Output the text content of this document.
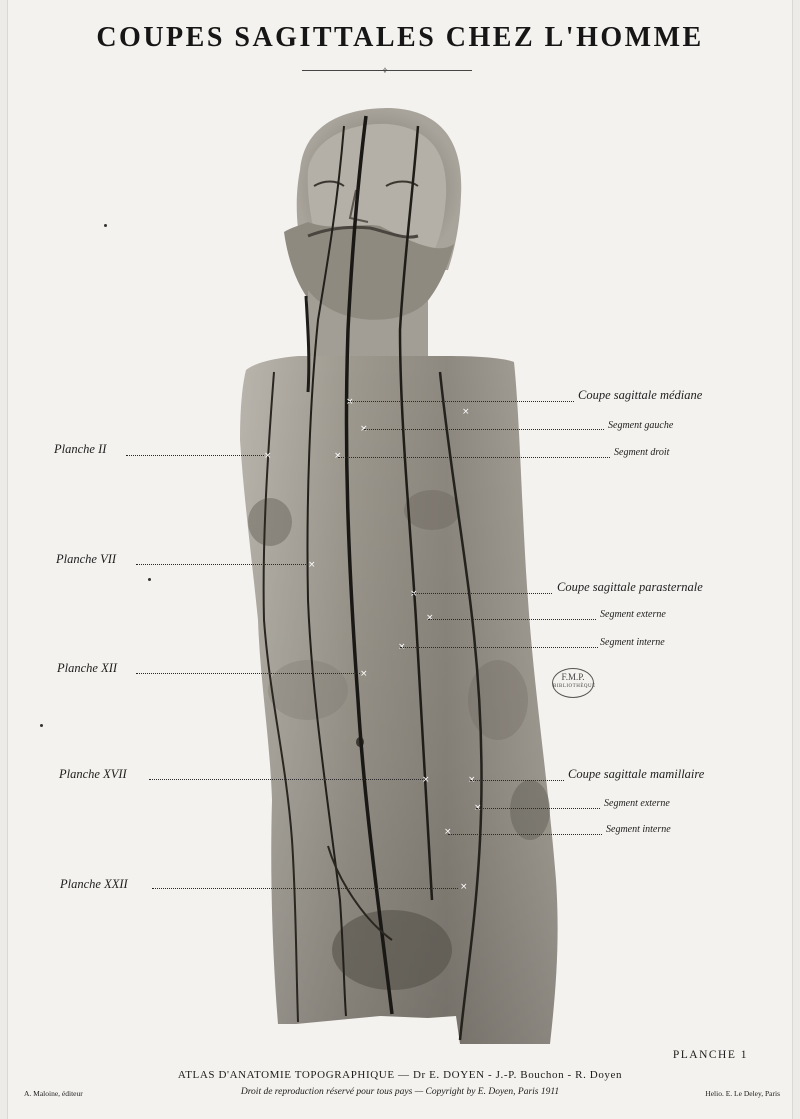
COUPES SAGITTALES CHEZ L'HOMME
⟡
×
×
×
×
×
×
×
×
×
×
×	×
×
×
×
Planche II
Planche VII
Planche XII
Planche XVII
Planche XXII
Coupe sagittale médiane
Segment gauche
Segment droit
Coupe sagittale parasternale
Segment externe
Segment interne
Coupe sagittale mamillaire
Segment externe
Segment interne
F.M.P.
BIBLIOTHÈQUE
PLANCHE 1
ATLAS D'ANATOMIE TOPOGRAPHIQUE — Dr E. DOYEN - J.-P. Bouchon - R. Doyen
Droit de reproduction réservé pour tous pays — Copyright by E. Doyen, Paris 1911
A. Maloine, éditeur	Helio. E. Le Deley, Paris
